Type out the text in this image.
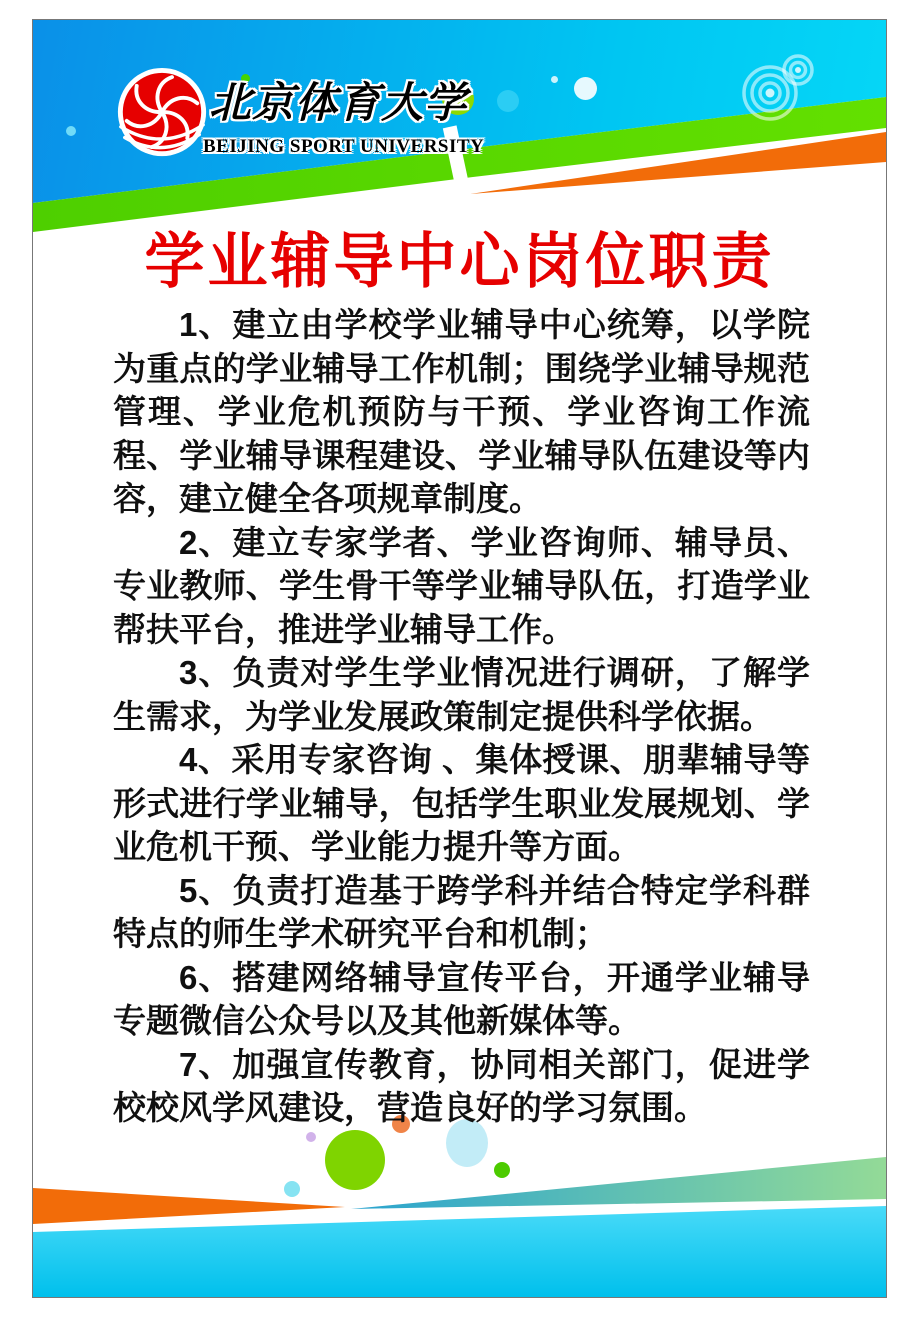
北京体育大学
BEIJING SPORT UNIVERSITY
学业辅导中心岗位职责

1、建立由学校学业辅导中心统筹，以学院为重点的学业辅导工作机制；围绕学业辅导规范管理、学业危机预防与干预、学业咨询工作流程、学业辅导课程建设、学业辅导队伍建设等内容，建立健全各项规章制度。

2、建立专家学者、学业咨询师、辅导员、专业教师、学生骨干等学业辅导队伍，打造学业帮扶平台，推进学业辅导工作。

3、负责对学生学业情况进行调研，了解学生需求，为学业发展政策制定提供科学依据。

4、采用专家咨询 、集体授课、朋辈辅导等形式进行学业辅导，包括学生职业发展规划、学业危机干预、学业能力提升等方面。

5、负责打造基于跨学科并结合特定学科群特点的师生学术研究平台和机制；

6、搭建网络辅导宣传平台，开通学业辅导专题微信公众号以及其他新媒体等。

7、加强宣传教育，协同相关部门，促进学校校风学风建设，营造良好的学习氛围。
